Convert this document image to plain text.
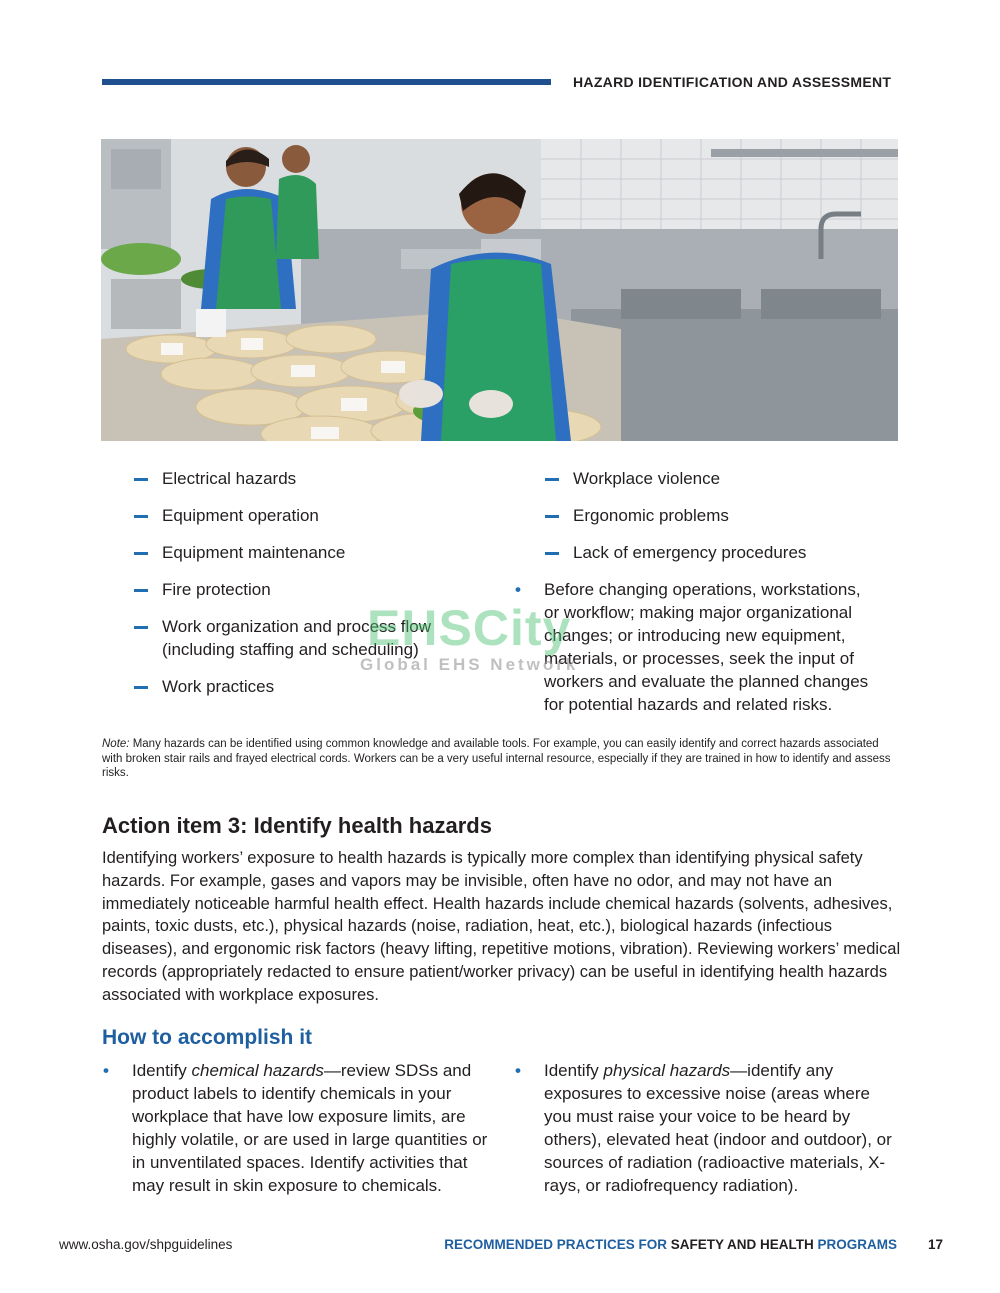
HAZARD IDENTIFICATION AND ASSESSMENT
Electrical hazards
Equipment operation
Equipment maintenance
Fire protection
Work organization and process flow (including staffing and scheduling)
Work practices
Workplace violence
Ergonomic problems
Lack of emergency procedures
• Before changing operations, workstations, or workflow; making major organizational changes; or introducing new equipment, materials, or processes, seek the input of workers and evaluate the planned changes for potential hazards and related risks.
Note: Many hazards can be identified using common knowledge and available tools. For example, you can easily identify and correct hazards associated with broken stair rails and frayed electrical cords. Workers can be a very useful internal resource, especially if they are trained in how to identify and assess risks.
Action item 3: Identify health hazards
Identifying workers’ exposure to health hazards is typically more complex than identifying physical safety hazards. For example, gases and vapors may be invisible, often have no odor, and may not have an immediately noticeable harmful health effect. Health hazards include chemical hazards (solvents, adhesives, paints, toxic dusts, etc.), physical hazards (noise, radiation, heat, etc.), biological hazards (infectious diseases), and ergonomic risk factors (heavy lifting, repetitive motions, vibration). Reviewing workers’ medical records (appropriately redacted to ensure patient/worker privacy) can be useful in identifying health hazards associated with workplace exposures.
How to accomplish it
• Identify chemical hazards—review SDSs and product labels to identify chemicals in your workplace that have low exposure limits, are highly volatile, or are used in large quantities or in unventilated spaces. Identify activities that may result in skin exposure to chemicals.
• Identify physical hazards—identify any exposures to excessive noise (areas where you must raise your voice to be heard by others), elevated heat (indoor and outdoor), or sources of radiation (radioactive materials, X-rays, or radiofrequency radiation).
EHSCity
Global EHS Network
www.osha.gov/shpguidelines	RECOMMENDED PRACTICES FOR SAFETY AND HEALTH PROGRAMS 17
